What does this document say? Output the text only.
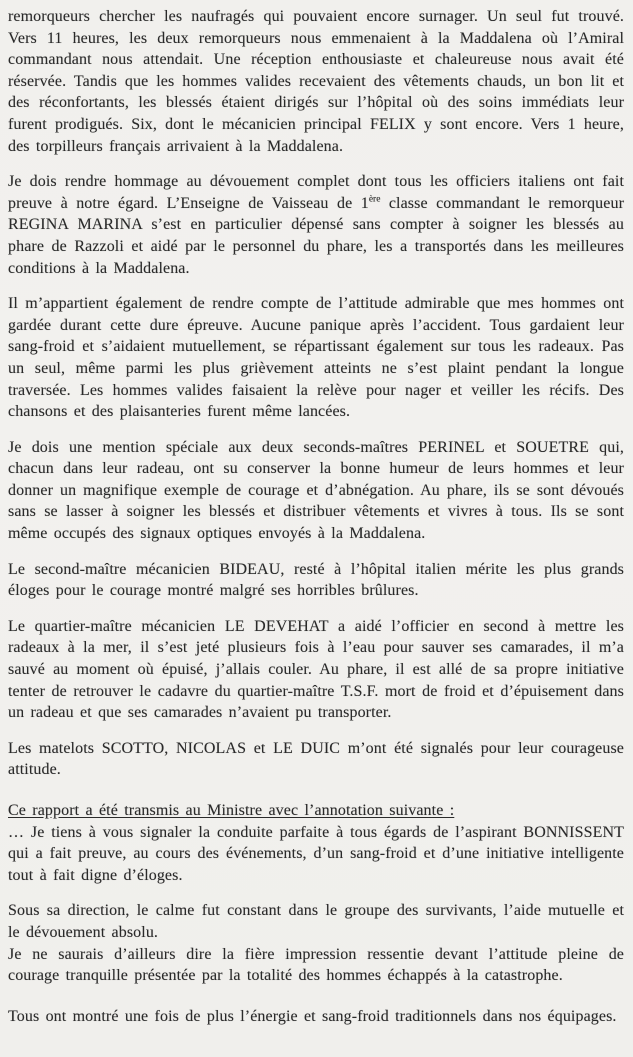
remorqueurs chercher les naufragés qui pouvaient encore surnager. Un seul fut trouvé. Vers 11 heures, les deux remorqueurs nous emmenaient à la Maddalena où l’Amiral commandant nous attendait. Une réception enthousiaste et chaleureuse nous avait été réservée. Tandis que les hommes valides recevaient des vêtements chauds, un bon lit et des réconfortants, les blessés étaient dirigés sur l’hôpital où des soins immédiats leur furent prodigués. Six, dont le mécanicien principal FELIX y sont encore. Vers 1 heure, des torpilleurs français arrivaient à la Maddalena.

Je dois rendre hommage au dévouement complet dont tous les officiers italiens ont fait preuve à notre égard. L’Enseigne de Vaisseau de 1ère classe commandant le remorqueur REGINA MARINA s’est en particulier dépensé sans compter à soigner les blessés au phare de Razzoli et aidé par le personnel du phare, les a transportés dans les meilleures conditions à la Maddalena.

Il m’appartient également de rendre compte de l’attitude admirable que mes hommes ont gardée durant cette dure épreuve. Aucune panique après l’accident. Tous gardaient leur sang-froid et s’aidaient mutuellement, se répartissant également sur tous les radeaux. Pas un seul, même parmi les plus grièvement atteints ne s’est plaint pendant la longue traversée. Les hommes valides faisaient la relève pour nager et veiller les récifs. Des chansons et des plaisanteries furent même lancées.

Je dois une mention spéciale aux deux seconds-maîtres PERINEL et SOUETRE qui, chacun dans leur radeau, ont su conserver la bonne humeur de leurs hommes et leur donner un magnifique exemple de courage et d’abnégation. Au phare, ils se sont dévoués sans se lasser à soigner les blessés et distribuer vêtements et vivres à tous. Ils se sont même occupés des signaux optiques envoyés à la Maddalena.

Le second-maître mécanicien BIDEAU, resté à l’hôpital italien mérite les plus grands éloges pour le courage montré malgré ses horribles brûlures.

Le quartier-maître mécanicien LE DEVEHAT a aidé l’officier en second à mettre les radeaux à la mer, il s’est jeté plusieurs fois à l’eau pour sauver ses camarades, il m’a sauvé au moment où épuisé, j’allais couler. Au phare, il est allé de sa propre initiative tenter de retrouver le cadavre du quartier-maître T.S.F. mort de froid et d’épuisement dans un radeau et que ses camarades n’avaient pu transporter.

Les matelots SCOTTO, NICOLAS et LE DUIC m’ont été signalés pour leur courageuse attitude.

Ce rapport a été transmis au Ministre avec l’annotation suivante :

… Je tiens à vous signaler la conduite parfaite à tous égards de l’aspirant BONNISSENT qui a fait preuve, au cours des événements, d’un sang-froid et d’une initiative intelligente tout à fait digne d’éloges.

Sous sa direction, le calme fut constant dans le groupe des survivants, l’aide mutuelle et le dévouement absolu.

Je ne saurais d’ailleurs dire la fière impression ressentie devant l’attitude pleine de courage tranquille présentée par la totalité des hommes échappés à la catastrophe.

Tous ont montré une fois de plus l’énergie et sang-froid traditionnels dans nos équipages.
